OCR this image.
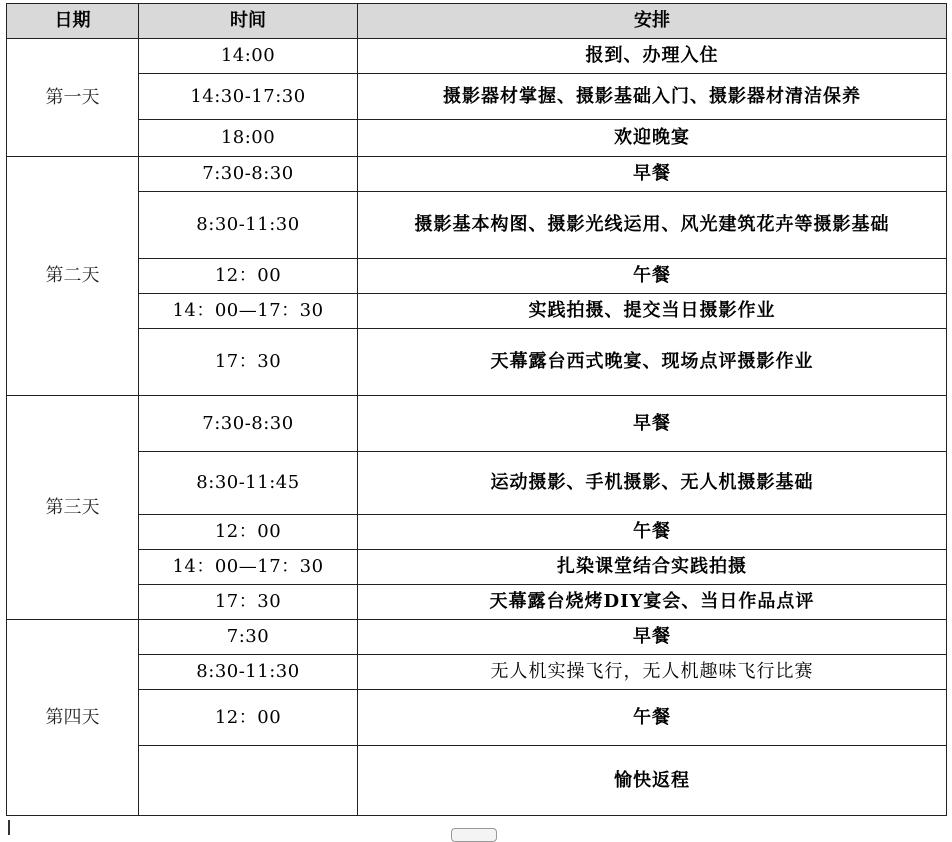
日期	时间	安排
第一天	14:00	报到、办理入住
	14:30-17:30	摄影器材掌握、摄影基础入门、摄影器材清洁保养
	18:00	欢迎晚宴
第二天	7:30-8:30	早餐
	8:30-11:30	摄影基本构图、摄影光线运用、风光建筑花卉等摄影基础
	12：00	午餐
	14：00—17：30	实践拍摄、提交当日摄影作业
	17：30	天幕露台西式晚宴、现场点评摄影作业
第三天	7:30-8:30	早餐
	8:30-11:45	运动摄影、手机摄影、无人机摄影基础
	12：00	午餐
	14：00—17：30	扎染课堂结合实践拍摄
	17：30	天幕露台烧烤DIY宴会、当日作品点评
第四天	7:30	早餐
	8:30-11:30	无人机实操飞行，无人机趣味飞行比赛
	12：00	午餐
		愉快返程
